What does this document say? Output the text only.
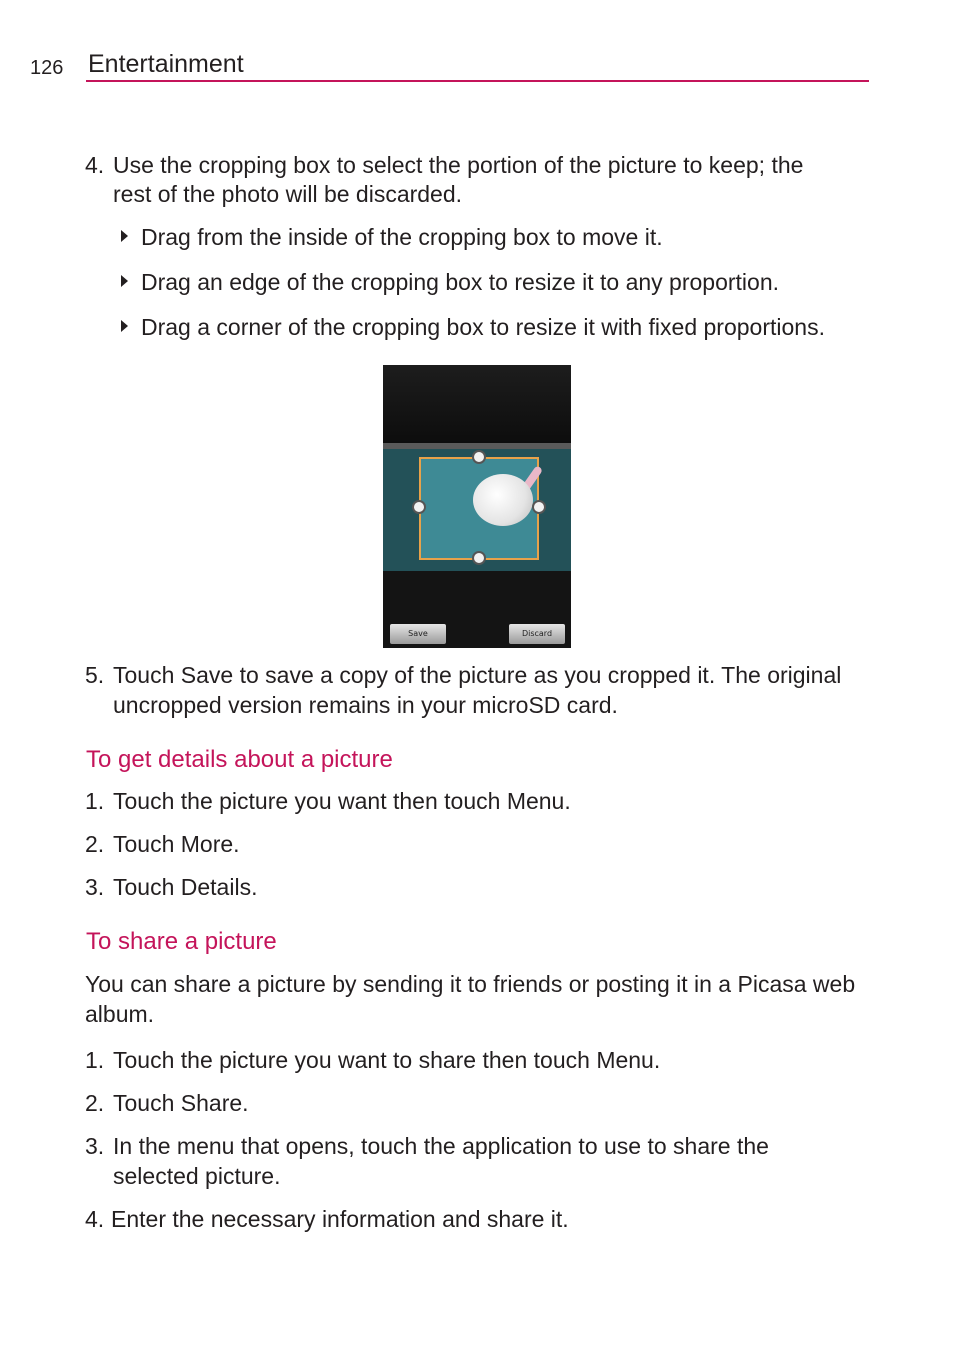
126 Entertainment
4. Use the cropping box to select the portion of the picture to keep; the
rest of the photo will be discarded.
Drag from the inside of the cropping box to move it.
Drag an edge of the cropping box to resize it to any proportion.
Drag a corner of the cropping box to resize it with fixed proportions.
Save	Discard
5. Touch Save to save a copy of the picture as you cropped it. The original
uncropped version remains in your microSD card.
To get details about a picture
1. Touch the picture you want then touch Menu.
2. Touch More.
3. Touch Details.
To share a picture
You can share a picture by sending it to friends or posting it in a Picasa web
album.
1. Touch the picture you want to share then touch Menu.
2. Touch Share.
3. In the menu that opens, touch the application to use to share the
selected picture.
4. Enter the necessary information and share it.
